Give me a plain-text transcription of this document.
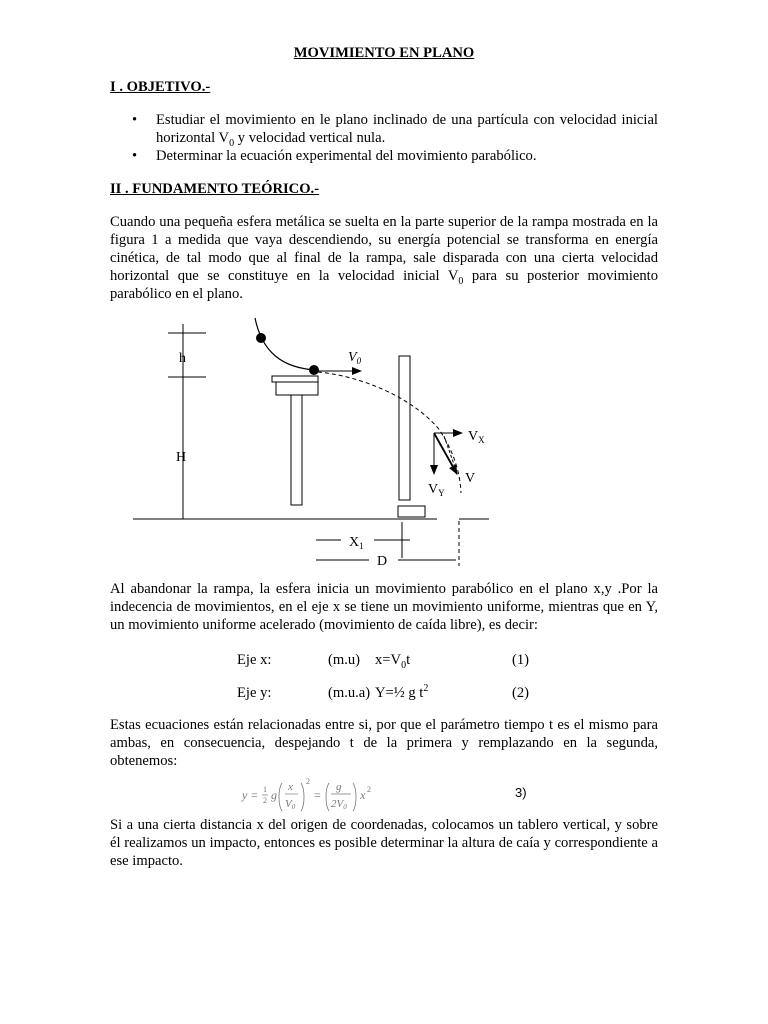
MOVIMIENTO EN PLANO
I . OBJETIVO.-
• Estudiar el movimiento en le plano inclinado de una partícula con velocidad inicial horizontal $V_0$ y velocidad vertical nula.
• Determinar la ecuación experimental del movimiento parabólico.
II . FUNDAMENTO TEÓRICO.-
Cuando una pequeña esfera metálica se suelta en la parte superior de la rampa mostrada en la figura 1 a medida que vaya descendiendo, su energía potencial se transforma en energía cinética, de tal modo que al final de la rampa, sale disparada con una cierta velocidad horizontal que se constituye en la velocidad inicial $V_0$ para su posterior movimiento parabólico en el plano.
h
H
$V_0$
$V_X$
$V_Y$
V
$X_1$
D
Al abandonar la rampa, la esfera inicia un movimiento parabólico en el plano x,y .Por la indecencia de movimientos, en el eje x se tiene un movimiento uniforme, mientras que en Y, un movimiento uniforme acelerado (movimiento de caída libre), es decir:
Eje x:	(m.u) $x=V_0t$	(1)
Eje y:	(m.u.a) Y=½ g $t^2$	(2)
Estas ecuaciones están relacionadas entre si, por que el parámetro tiempo t es el mismo para ambas, en consecuencia, despejando t de la primera y remplazando en la segunda, obtenemos:
y = 1
2 g
x
V0
2
=
g
2V0
x 2	3)
Si a una cierta distancia x del origen de coordenadas, colocamos un tablero vertical, y sobre él realizamos un impacto, entonces es posible determinar la altura de caía y correspondiente a ese impacto.
